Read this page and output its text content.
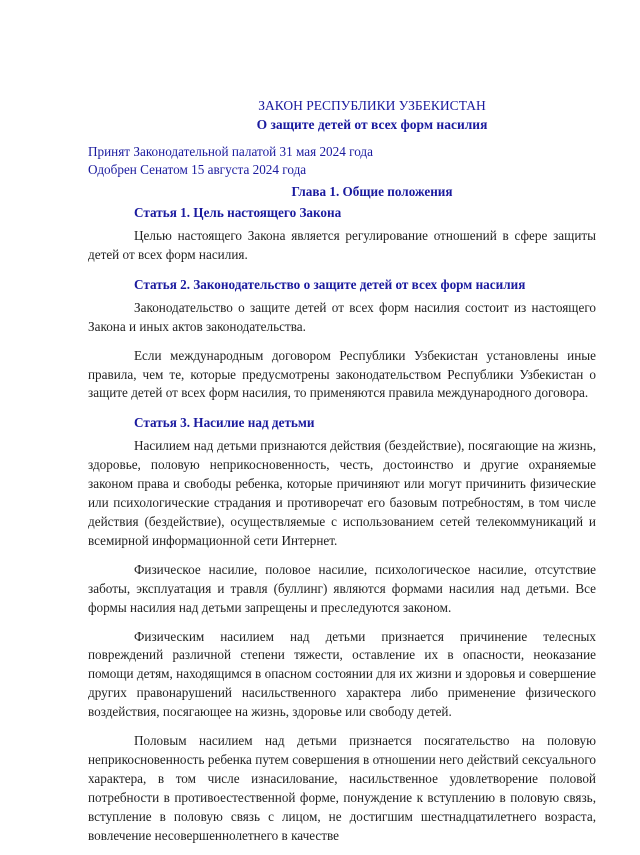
ЗАКОН РЕСПУБЛИКИ УЗБЕКИСТАН

О защите детей от всех форм насилия

Принят Законодательной палатой 31 мая 2024 года

Одобрен Сенатом 15 августа 2024 года

Глава 1. Общие положения

Статья 1. Цель настоящего Закона

Целью настоящего Закона является регулирование отношений в сфере защиты детей от всех форм насилия.

Статья 2. Законодательство о защите детей от всех форм насилия

Законодательство о защите детей от всех форм насилия состоит из настоящего Закона и иных актов законодательства.

Если международным договором Республики Узбекистан установлены иные правила, чем те, которые предусмотрены законодательством Республики Узбекистан о защите детей от всех форм насилия, то применяются правила международного договора.

Статья 3. Насилие над детьми

Насилием над детьми признаются действия (бездействие), посягающие на жизнь, здоровье, половую неприкосновенность, честь, достоинство и другие охраняемые законом права и свободы ребенка, которые причиняют или могут причинить физические или психологические страдания и противоречат его базовым потребностям, в том числе действия (бездействие), осуществляемые с использованием сетей телекоммуникаций и всемирной информационной сети Интернет.

Физическое насилие, половое насилие, психологическое насилие, отсутствие заботы, эксплуатация и травля (буллинг) являются формами насилия над детьми. Все формы насилия над детьми запрещены и преследуются законом.

Физическим насилием над детьми признается причинение телесных повреждений различной степени тяжести, оставление их в опасности, неоказание помощи детям, находящимся в опасном состоянии для их жизни и здоровья и совершение других правонарушений насильственного характера либо применение физического воздействия, посягающее на жизнь, здоровье или свободу детей.

Половым насилием над детьми признается посягательство на половую неприкосновенность ребенка путем совершения в отношении него действий сексуального характера, в том числе изнасилование, насильственное удовлетворение половой потребности в противоестественной форме, понуждение к вступлению в половую связь, вступление в половую связь с лицом, не достигшим шестнадцатилетнего возраста, вовлечение несовершеннолетнего в качестве
